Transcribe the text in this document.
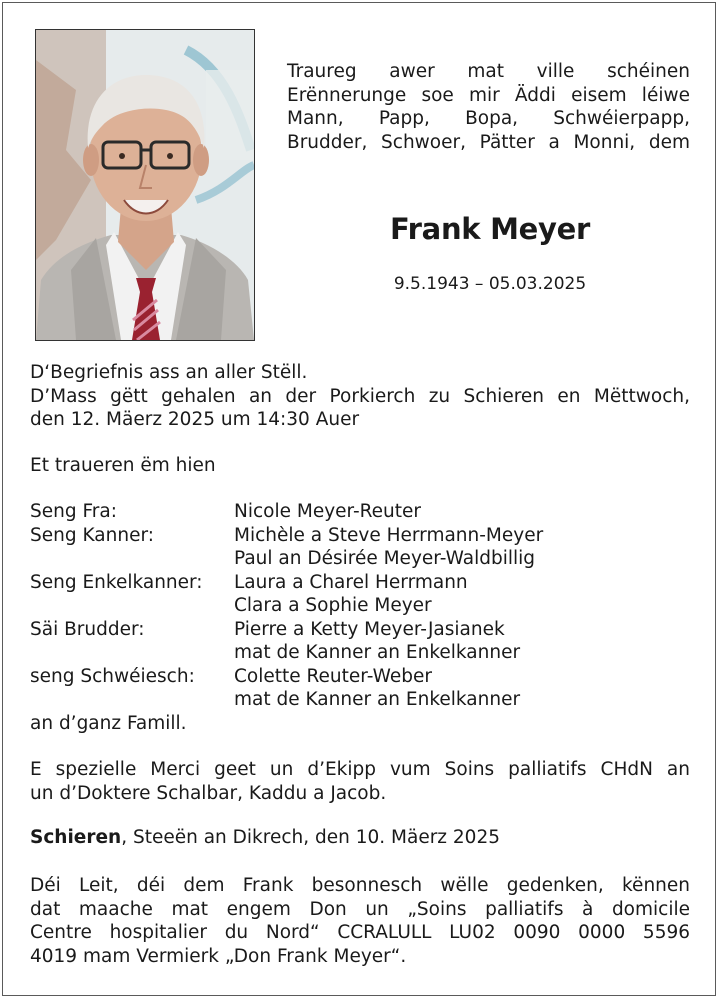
Traureg awer mat ville schéinen
Erënnerunge soe mir Äddi eisem léiwe
Mann, Papp, Bopa, Schwéierpapp,
Brudder, Schwoer, Pätter a Monni, dem
Frank Meyer
9.5.1943 – 05.03.2025
D‘Begriefnis ass an aller Stëll.
D’Mass gëtt gehalen an der Porkierch zu Schieren en Mëttwoch,
den 12. Mäerz 2025 um 14:30 Auer
Et traueren ëm hien
Seng Fra:	Nicole Meyer-Reuter
Seng Kanner:	Michèle a Steve Herrmann-Meyer
Paul an Désirée Meyer-Waldbillig
Seng Enkelkanner:	Laura a Charel Herrmann
Clara a Sophie Meyer
Säi Brudder:	Pierre a Ketty Meyer-Jasianek
mat de Kanner an Enkelkanner
seng Schwéiesch:	Colette Reuter-Weber
mat de Kanner an Enkelkanner
an d’ganz Famill.
E spezielle Merci geet un d’Ekipp vum Soins palliatifs CHdN an
un d’Doktere Schalbar, Kaddu a Jacob.
Schieren, Steeën an Dikrech, den 10. Mäerz 2025
Déi Leit, déi dem Frank besonnesch wëlle gedenken, kënnen
dat maache mat engem Don un „Soins palliatifs à domicile
Centre hospitalier du Nord“ CCRALULL LU02 0090 0000 5596
4019 mam Vermierk „Don Frank Meyer“.
